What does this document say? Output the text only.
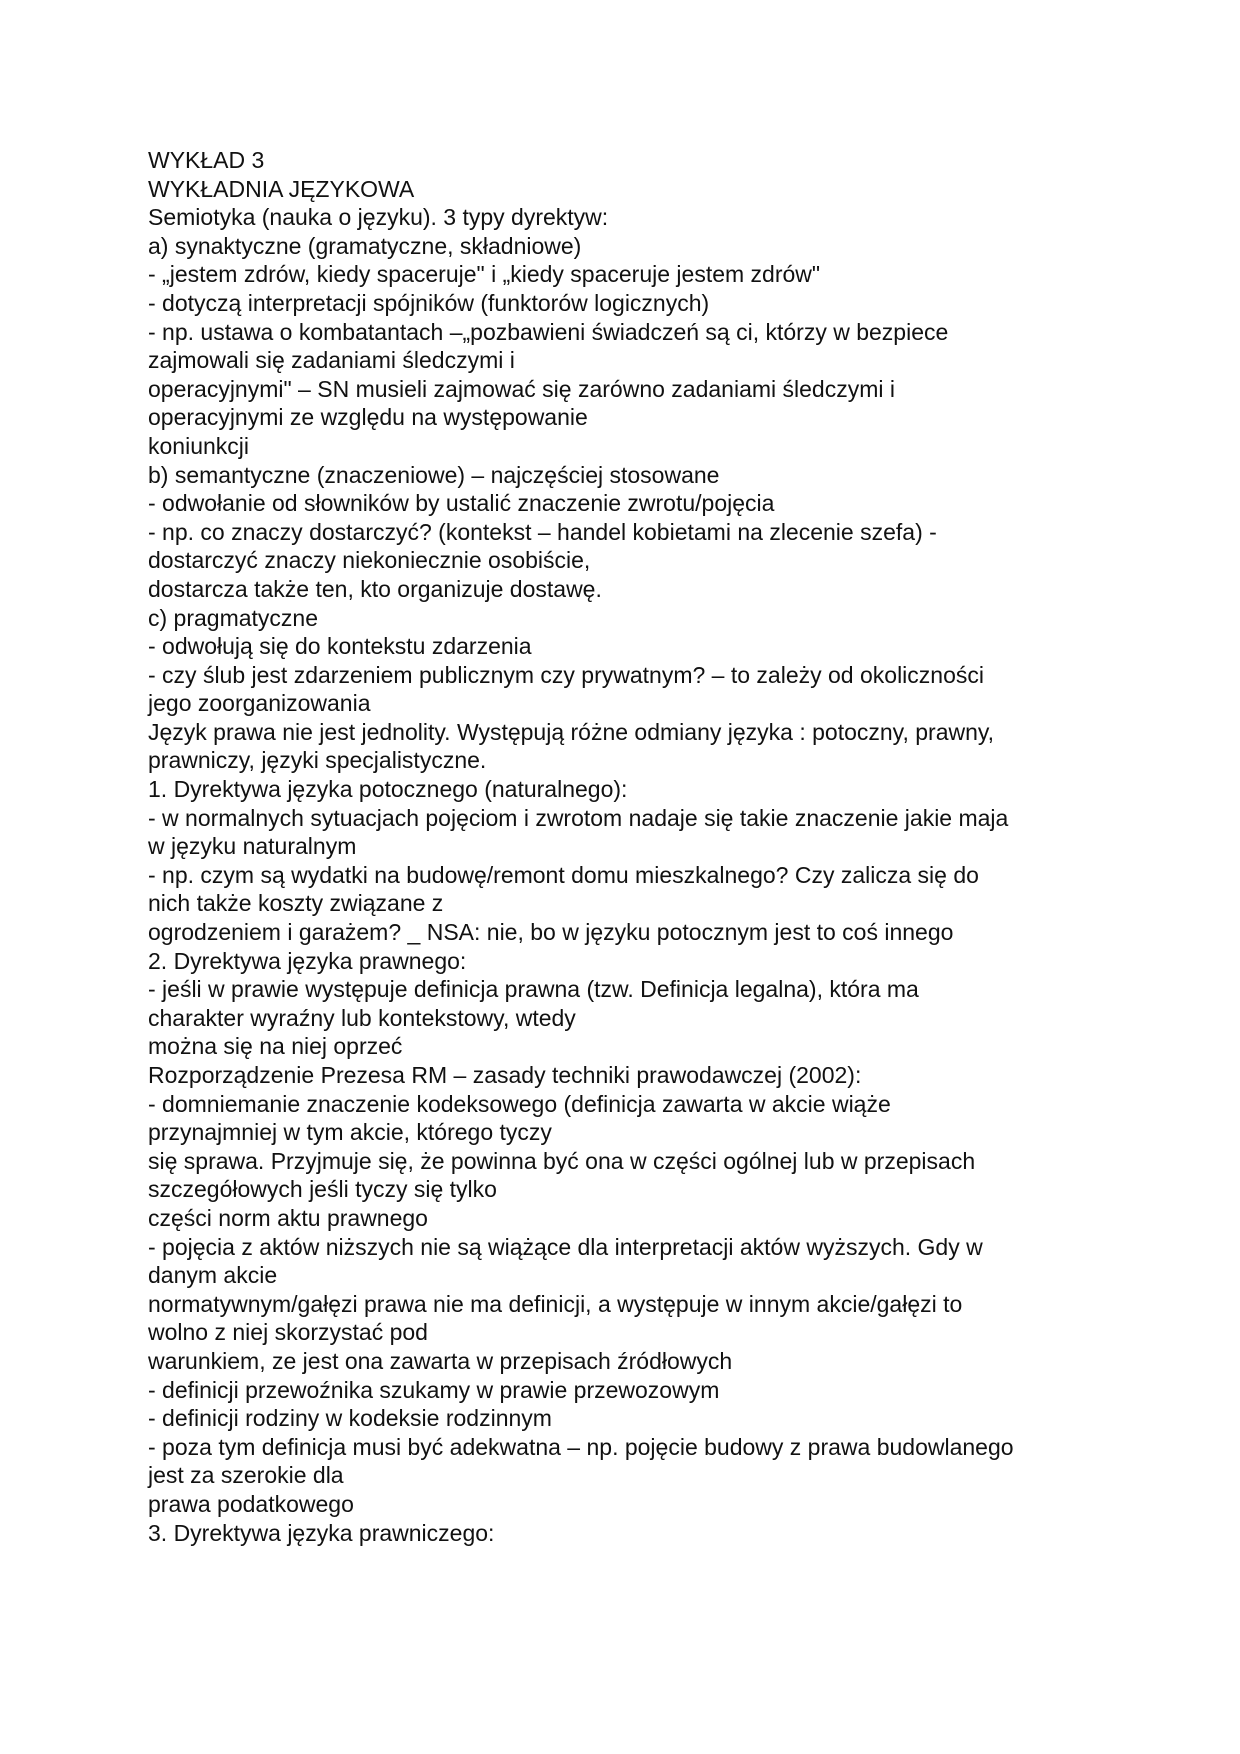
WYKŁAD 3
WYKŁADNIA JĘZYKOWA
Semiotyka (nauka o języku). 3 typy dyrektyw:
a) synaktyczne (gramatyczne, składniowe)
- „jestem zdrów, kiedy spaceruje" i „kiedy spaceruje jestem zdrów"
- dotyczą interpretacji spójników (funktorów logicznych)
- np. ustawa o kombatantach –„pozbawieni świadczeń są ci, którzy w bezpiece
zajmowali się zadaniami śledczymi i
operacyjnymi" – SN musieli zajmować się zarówno zadaniami śledczymi i
operacyjnymi ze względu na występowanie
koniunkcji
b) semantyczne (znaczeniowe) – najczęściej stosowane
- odwołanie od słowników by ustalić znaczenie zwrotu/pojęcia
- np. co znaczy dostarczyć? (kontekst – handel kobietami na zlecenie szefa) -
dostarczyć znaczy niekoniecznie osobiście,
dostarcza także ten, kto organizuje dostawę.
c) pragmatyczne
- odwołują się do kontekstu zdarzenia
- czy ślub jest zdarzeniem publicznym czy prywatnym? – to zależy od okoliczności
jego zoorganizowania
Język prawa nie jest jednolity. Występują różne odmiany języka : potoczny, prawny,
prawniczy, języki specjalistyczne.
1. Dyrektywa języka potocznego (naturalnego):
- w normalnych sytuacjach pojęciom i zwrotom nadaje się takie znaczenie jakie maja
w języku naturalnym
- np. czym są wydatki na budowę/remont domu mieszkalnego? Czy zalicza się do
nich także koszty związane z
ogrodzeniem i garażem? _ NSA: nie, bo w języku potocznym jest to coś innego
2. Dyrektywa języka prawnego:
- jeśli w prawie występuje definicja prawna (tzw. Definicja legalna), która ma
charakter wyraźny lub kontekstowy, wtedy
można się na niej oprzeć
Rozporządzenie Prezesa RM – zasady techniki prawodawczej (2002):
- domniemanie znaczenie kodeksowego (definicja zawarta w akcie wiąże
przynajmniej w tym akcie, którego tyczy
się sprawa. Przyjmuje się, że powinna być ona w części ogólnej lub w przepisach
szczegółowych jeśli tyczy się tylko
części norm aktu prawnego
- pojęcia z aktów niższych nie są wiążące dla interpretacji aktów wyższych. Gdy w
danym akcie
normatywnym/gałęzi prawa nie ma definicji, a występuje w innym akcie/gałęzi to
wolno z niej skorzystać pod
warunkiem, ze jest ona zawarta w przepisach źródłowych
- definicji przewoźnika szukamy w prawie przewozowym
- definicji rodziny w kodeksie rodzinnym
- poza tym definicja musi być adekwatna – np. pojęcie budowy z prawa budowlanego
jest za szerokie dla
prawa podatkowego
3. Dyrektywa języka prawniczego:
